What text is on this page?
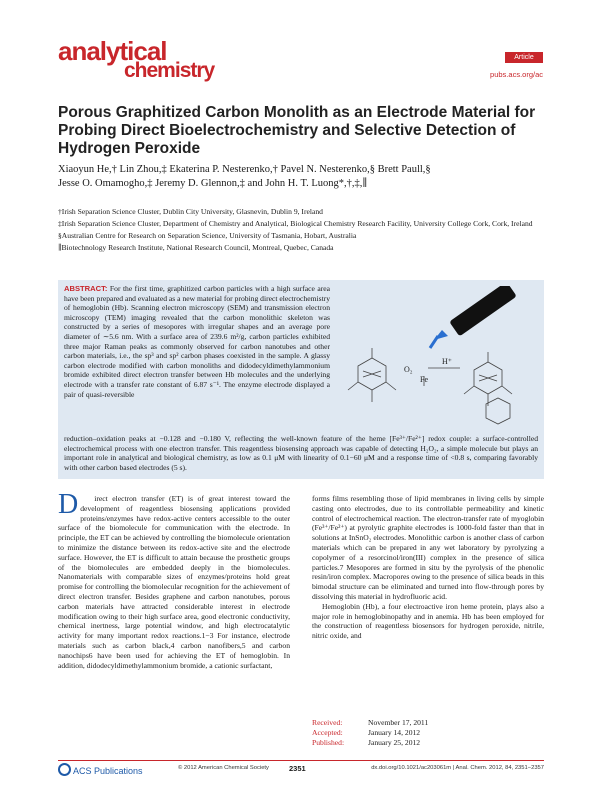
analytical
chemistry
Article
pubs.acs.org/ac
Porous Graphitized Carbon Monolith as an Electrode Material for Probing Direct Bioelectrochemistry and Selective Detection of Hydrogen Peroxide
Xiaoyun He,† Lin Zhou,‡ Ekaterina P. Nesterenko,† Pavel N. Nesterenko,§ Brett Paull,§
Jesse O. Omamogho,‡ Jeremy D. Glennon,‡ and John H. T. Luong*,†,‡,∥
†Irish Separation Science Cluster, Dublin City University, Glasnevin, Dublin 9, Ireland
‡Irish Separation Science Cluster, Department of Chemistry and Analytical, Biological Chemistry Research Facility, University College Cork, Cork, Ireland
§Australian Centre for Research on Separation Science, University of Tasmania, Hobart, Australia
∥Biotechnology Research Institute, National Research Council, Montreal, Quebec, Canada
ABSTRACT: For the first time, graphitized carbon particles with a high surface area have been prepared and evaluated as a new material for probing direct electrochemistry of hemoglobin (Hb). Scanning electron microscopy (SEM) and transmission electron microscopy (TEM) imaging revealed that the carbon monolithic skeleton was constructed by a series of mesopores with irregular shapes and an average pore diameter of ∼5.6 nm. With a surface area of 239.6 m²/g, carbon particles exhibited three major Raman peaks as commonly observed for carbon nanotubes and other carbon materials, i.e., the sp³ and sp² carbon phases coexisted in the sample. A glassy carbon electrode modified with carbon monoliths and didodecyldimethylammonium bromide exhibited direct electron transfer between Hb molecules and the underlying electrode with a transfer rate constant of 6.87 s⁻¹. The enzyme electrode displayed a pair of quasi-reversible
reduction–oxidation peaks at −0.128 and −0.180 V, reflecting the well-known feature of the heme [Fe³⁺/Fe²⁺] redox couple: a surface-controlled electrochemical process with one electron transfer. This reagentless biosensing approach was capable of detecting H₂O₂, a simple molecule but plays an important role in analytical and biological chemistry, as low as 0.1 μM with linearity of 0.1−60 μM and a response time of <0.8 s, comparing favorably with other carbon based electrodes (5 s).
O₂
H⁺
Fe
D irect electron transfer (ET) is of great interest toward the development of reagentless biosensing applications provided proteins/enzymes have redox-active centers accessible to the outer surface of the biomolecule for communication with the electrode. In principle, the ET can be achieved by controlling the biomolecule orientation to minimize the distance between its redox-active site and the electrode surface. However, the ET is difficult to attain because the prosthetic groups of the biomolecules are embedded deeply in the biomolecules. Nanomaterials with comparable sizes of enzymes/proteins hold great promise for controlling the biomolecular recognition for the achievement of direct electron transfer. Besides graphene and carbon nanotubes, porous carbon materials have attracted considerable interest in electrode modification owing to their high surface area, good electronic conductivity, chemical inertness, large potential window, and high electrocatalytic activity for many important redox reactions.1−3 For instance, electrode materials such as carbon black,4 carbon nanofibers,5 and carbon nanochips6 have been used for achieving the ET of hemoglobin. In addition, didodecyldimethylammonium bromide, a cationic surfactant,

forms films resembling those of lipid membranes in living cells by simple casting onto electrodes, due to its controllable permeability and kinetic control of electrochemical reaction. The electron-transfer rate of myoglobin (Fe³⁺/Fe²⁺) at pyrolytic graphite electrodes is 1000-fold faster than that in solutions at InSnO₂ electrodes. Monolithic carbon is another class of carbon materials which can be prepared in any wet laboratory by pyrolyzing a copolymer of a resorcinol/iron(III) complex in the presence of silica particles.7 Mesopores are formed in situ by the pyrolysis of the phenolic resin/iron complex. Macropores owing to the presence of silica beads in this bimodal structure can be eliminated and turned into flow-through pores by dissolving this material in hydrofluoric acid.

Hemoglobin (Hb), a four electroactive iron heme protein, plays also a major role in hemoglobinopathy and in anemia. Hb has been employed for the construction of reagentless biosensors for hydrogen peroxide, nitrile, nitric oxide, and

Received:	November 17, 2011
Accepted:	January 14, 2012
Published:	January 25, 2012
ACS Publications	© 2012 American Chemical Society	2351	dx.doi.org/10.1021/ac203061m | Anal. Chem. 2012, 84, 2351−2357
